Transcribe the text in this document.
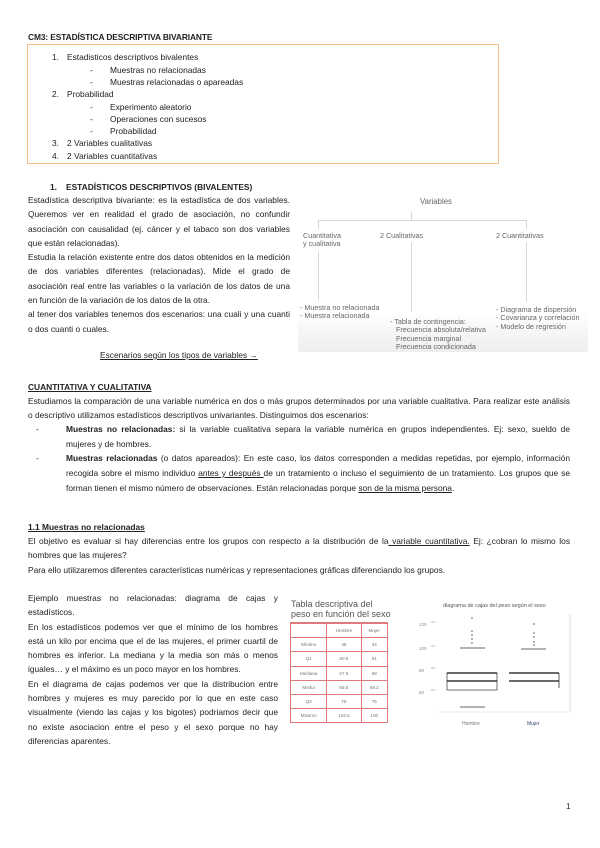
CM3: ESTADÍSTICA DESCRIPTIVA BIVARIANTE
1. Estadisticos descriptivos bivalentes
- Muestras no relacionadas
- Muestras relacionadas o apareadas
2. Probabilidad
- Experimento aleatorio
- Operaciones con sucesos
- Probabilidad
3. 2 Variables cualitativas
4. 2 Variables cuantitativas
1. ESTADÍSTICOS DESCRIPTIVOS (BIVALENTES)

Estadística descriptiva bivariante: es la estadística de dos variables. Queremos ver en realidad el grado de asociación, no confundir asociación con causalidad (ej. cáncer y el tabaco son dos variables que están relacionadas).

Estudia la relación existente entre dos datos obtenidos en la medición de dos variables diferentes (relacionadas). Mide el grado de asociación real entre las variables o la variación de los datos de una en función de la variación de los datos de la otra.

al tener dos variables tenemos dos escenarios: una cuali y una cuanti o dos cuanti o cuales.

Escenarios según los tipos de variables →
Variables
Cuantitativa
y cualitativa
2 Cualitativas	2 Cuantitativas
- Muestra no relacionada
- Muestra relacionada
- Tabla de contingencia:
Frecuencia absoluta/relativa
Frecuencia marginal
Frecuencia condicionada
- Diagrama de dispersión
- Covarianza y correlación
- Modelo de regresión
CUANTITATIVA Y CUALITATIVA
Estudiamos la comparación de una variable numérica en dos o más grupos determinados por una variable cualitativa. Para realizar este análisis o descriptivo utilizamos estadísticos descriptivos univariantes. Distinguimos dos escenarios:
-	Muestras no relacionadas: si la variable cualitativa separa la variable numérica en grupos independientes. Ej: sexo, sueldo de mujeres y de hombres.
-	Muestras relacionadas (o datos apareados): En este caso, los datos corresponden a medidas repetidas, por ejemplo, información recogida sobre el mismo individuo antes y después de un tratamiento o incluso el seguimiento de un tratamiento. Los grupos que se forman tienen el mismo número de observaciones. Están relacionadas porque son de la misma persona.
1.1 Muestras no relacionadas

El objetivo es evaluar si hay diferencias entre los grupos con respecto a la distribución de la variable cuantitativa. Ej: ¿cobran lo mismo los hombres que las mujeres?

Para ello utilizaremos diferentes características numéricas y representaciones gráficas diferenciando los grupos.

Ejemplo muestras no relacionadas: diagrama de cajas y estadísticos.

En los estadísticos podemos ver que el mínimo de los hombres está un kilo por encima que el de las mujeres, el primer cuartil de hombres es inferior. La mediana y la media son más o menos iguales… y el máximo es un poco mayor en los hombres.

En el diagrama de cajas podemos ver que la distribucion entre hombres y mujeres es muy parecido por lo que en este caso visualmente (viendo las cajas y los bigotes) podriamos decir que no existe asociacion entre el peso y el sexo porque no hay diferencias aparentes.

Tabla descriptiva del
peso en función del sexo
	Hombre	Mujer
Mínimo	45	44
Q1	60.5	61
Mediana	67.5	68
Media	68.5	68.2
Q3	75	75
Máximo	103.5	100
diagrama de cajas del peso según el sexo
120
100
80
60
Hombre	Mujer
1
